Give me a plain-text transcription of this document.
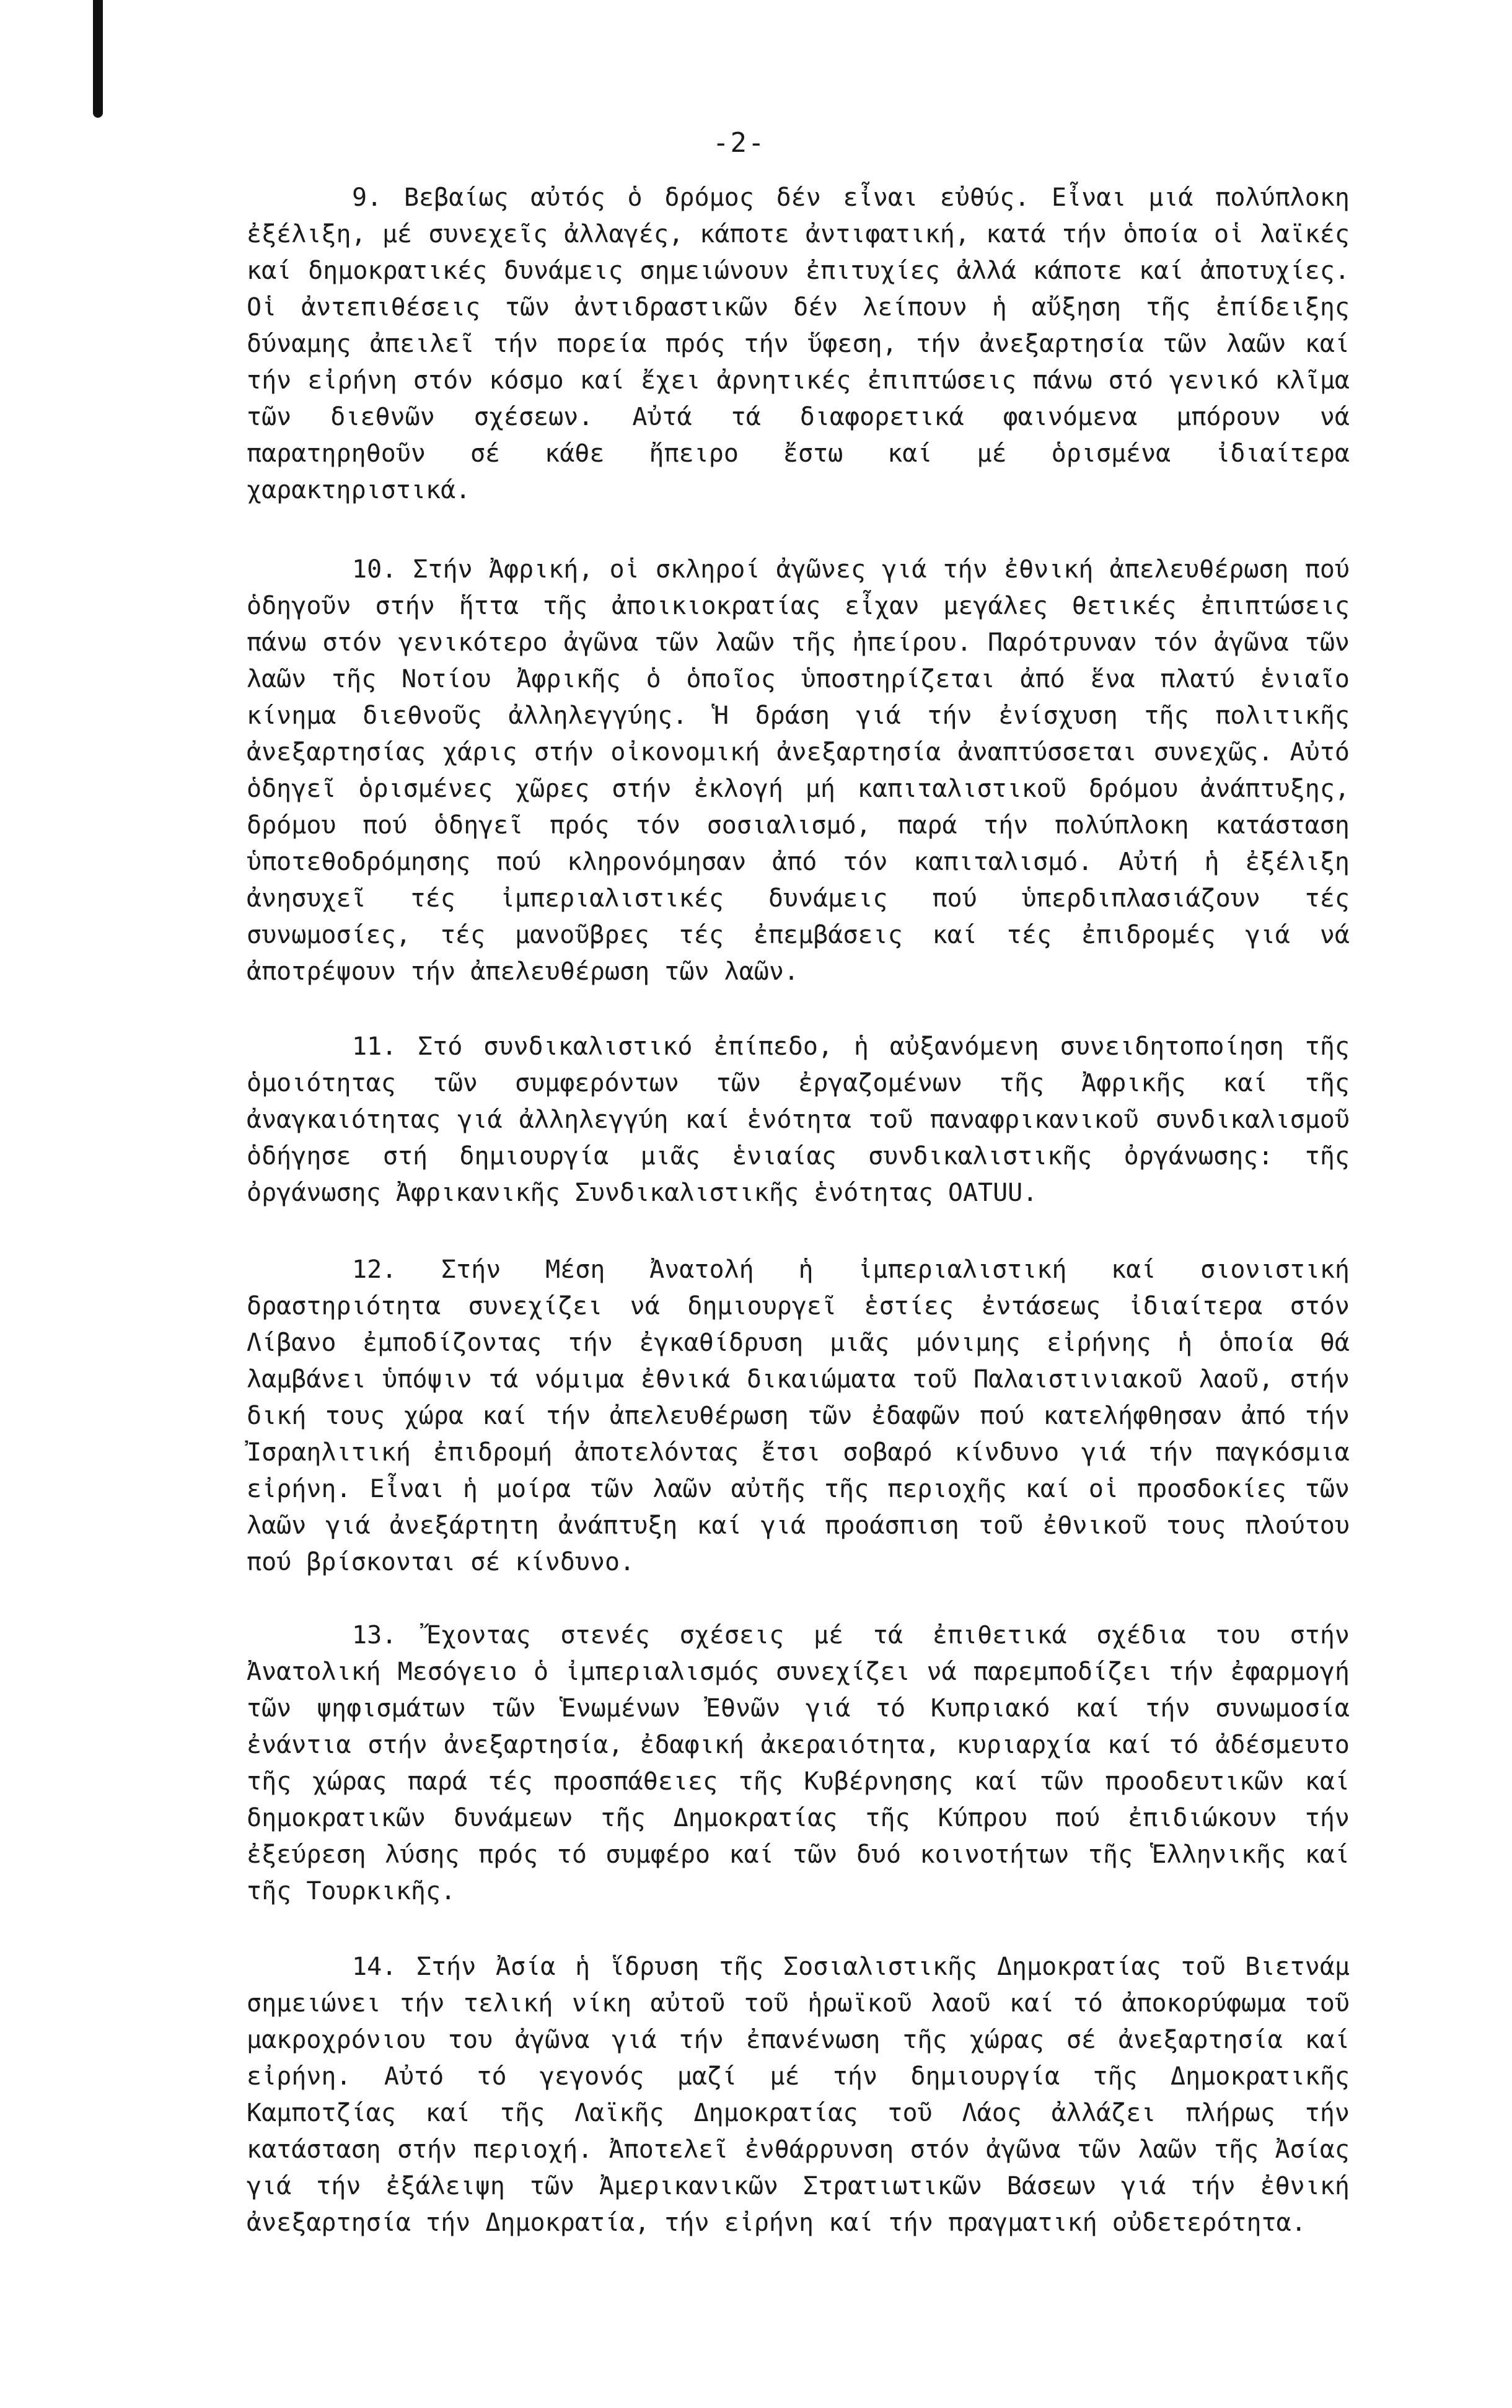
-2-

9. Βεβαίως αὐτός ὁ δρόμος δέν εἶναι εὐθύς. Εἶναι μιά πολύπλοκη ἐξέλιξη, μέ συνεχεῖς ἀλλαγές, κάποτε ἀντιφατική, κατά τήν ὁποία οἱ λαϊκές καί δημοκρατικές δυνάμεις σημειώνουν ἐπιτυχίες ἀλλά κάποτε καί ἀποτυχίες. Οἱ ἀντεπιθέσεις τῶν ἀντιδραστικῶν δέν λείπουν ἡ αὔξηση τῆς ἐπίδειξης δύναμης ἀπειλεῖ τήν πορεία πρός τήν ὕφεση, τήν ἀνεξαρτησία τῶν λαῶν καί τήν εἰρήνη στόν κόσμο καί ἔχει ἀρνητικές ἐπιπτώσεις πάνω στό γενικό κλῖμα τῶν διεθνῶν σχέσεων. Αὐτά τά διαφορετικά φαινόμενα μπόρουν νά παρατηρηθοῦν σέ κάθε ἤπειρο ἔστω καί μέ ὁρισμένα ἰδιαίτερα χαρακτηριστικά.

10. Στήν Ἀφρική, οἱ σκληροί ἀγῶνες γιά τήν ἐθνική ἀπελευθέρωση πού ὁδηγοῦν στήν ἥττα τῆς ἀποικιοκρατίας εἶχαν μεγάλες θετικές ἐπιπτώσεις πάνω στόν γενικότερο ἀγῶνα τῶν λαῶν τῆς ἠπείρου. Παρότρυναν τόν ἀγῶνα τῶν λαῶν τῆς Νοτίου Ἀφρικῆς ὁ ὁποῖος ὑποστηρίζεται ἀπό ἕνα πλατύ ἑνιαῖο κίνημα διεθνοῦς ἀλληλεγγύης. Ἡ δράση γιά τήν ἐνίσχυση τῆς πολιτικῆς ἀνεξαρτησίας χάρις στήν οἰκονομική ἀνεξαρτησία ἀναπτύσσεται συνεχῶς. Αὐτό ὁδηγεῖ ὁρισμένες χῶρες στήν ἐκλογή μή καπιταλιστικοῦ δρόμου ἀνάπτυξης, δρόμου πού ὁδηγεῖ πρός τόν σοσιαλισμό, παρά τήν πολύπλοκη κατάσταση ὑποτεθοδρόμησης πού κληρονόμησαν ἀπό τόν καπιταλισμό. Αὐτή ἡ ἐξέλιξη ἀνησυχεῖ τές ἰμπεριαλιστικές δυνάμεις πού ὑπερδιπλασιάζουν τές συνωμοσίες, τές μανοῦβρες τές ἐπεμβάσεις καί τές ἐπιδρομές γιά νά ἀποτρέψουν τήν ἀπελευθέρωση τῶν λαῶν.

11. Στό συνδικαλιστικό ἐπίπεδο, ἡ αὐξανόμενη συνειδητοποίηση τῆς ὁμοιότητας τῶν συμφερόντων τῶν ἐργαζομένων τῆς Ἀφρικῆς καί τῆς ἀναγκαιότητας γιά ἀλληλεγγύη καί ἑνότητα τοῦ παναφρικανικοῦ συνδικαλισμοῦ ὁδήγησε στή δημιουργία μιᾶς ἑνιαίας συνδικαλιστικῆς ὀργάνωσης: τῆς ὀργάνωσης Ἀφρικανικῆς Συνδικαλιστικῆς ἑνότητας ΟΑΤUU.

12. Στήν Μέση Ἀνατολή ἡ ἰμπεριαλιστική καί σιονιστική δραστηριότητα συνεχίζει νά δημιουργεῖ ἑστίες ἐντάσεως ἰδιαίτερα στόν Λίβανο ἐμποδίζοντας τήν ἐγκαθίδρυση μιᾶς μόνιμης εἰρήνης ἡ ὁποία θά λαμβάνει ὑπόψιν τά νόμιμα ἐθνικά δικαιώματα τοῦ Παλαιστινιακοῦ λαοῦ, στήν δική τους χώρα καί τήν ἀπελευθέρωση τῶν ἐδαφῶν πού κατελήφθησαν ἀπό τήν Ἰσραηλιτική ἐπιδρομή ἀποτελόντας ἔτσι σοβαρό κίνδυνο γιά τήν παγκόσμια εἰρήνη. Εἶναι ἡ μοίρα τῶν λαῶν αὐτῆς τῆς περιοχῆς καί οἱ προσδοκίες τῶν λαῶν γιά ἀνεξάρτητη ἀνάπτυξη καί γιά προάσπιση τοῦ ἐθνικοῦ τους πλούτου πού βρίσκονται σέ κίνδυνο.

13. Ἔχοντας στενές σχέσεις μέ τά ἐπιθετικά σχέδια του στήν Ἀνατολική Μεσόγειο ὁ ἰμπεριαλισμός συνεχίζει νά παρεμποδίζει τήν ἐφαρμογή τῶν ψηφισμάτων τῶν Ἑνωμένων Ἐθνῶν γιά τό Κυπριακό καί τήν συνωμοσία ἐνάντια στήν ἀνεξαρτησία, ἐδαφική ἀκεραιότητα, κυριαρχία καί τό ἀδέσμευτο τῆς χώρας παρά τές προσπάθειες τῆς Κυβέρνησης καί τῶν προοδευτικῶν καί δημοκρατικῶν δυνάμεων τῆς Δημοκρατίας τῆς Κύπρου πού ἐπιδιώκουν τήν ἐξεύρεση λύσης πρός τό συμφέρο καί τῶν δυό κοινοτήτων τῆς Ἑλληνικῆς καί τῆς Τουρκικῆς.

14. Στήν Ἀσία ἡ ἵδρυση τῆς Σοσιαλιστικῆς Δημοκρατίας τοῦ Βιετνάμ σημειώνει τήν τελική νίκη αὐτοῦ τοῦ ἡρωϊκοῦ λαοῦ καί τό ἀποκορύφωμα τοῦ μακροχρόνιου του ἀγῶνα γιά τήν ἐπανένωση τῆς χώρας σέ ἀνεξαρτησία καί εἰρήνη. Αὐτό τό γεγονός μαζί μέ τήν δημιουργία τῆς Δημοκρατικῆς Καμποτζίας καί τῆς Λαϊκῆς Δημοκρατίας τοῦ Λάος ἀλλάζει πλήρως τήν κατάσταση στήν περιοχή. Ἀποτελεῖ ἐνθάρρυνση στόν ἀγῶνα τῶν λαῶν τῆς Ἀσίας γιά τήν ἐξάλειψη τῶν Ἀμερικανικῶν Στρατιωτικῶν Βάσεων γιά τήν ἐθνική ἀνεξαρτησία τήν Δημοκρατία, τήν εἰρήνη καί τήν πραγματική οὐδετερότητα.
